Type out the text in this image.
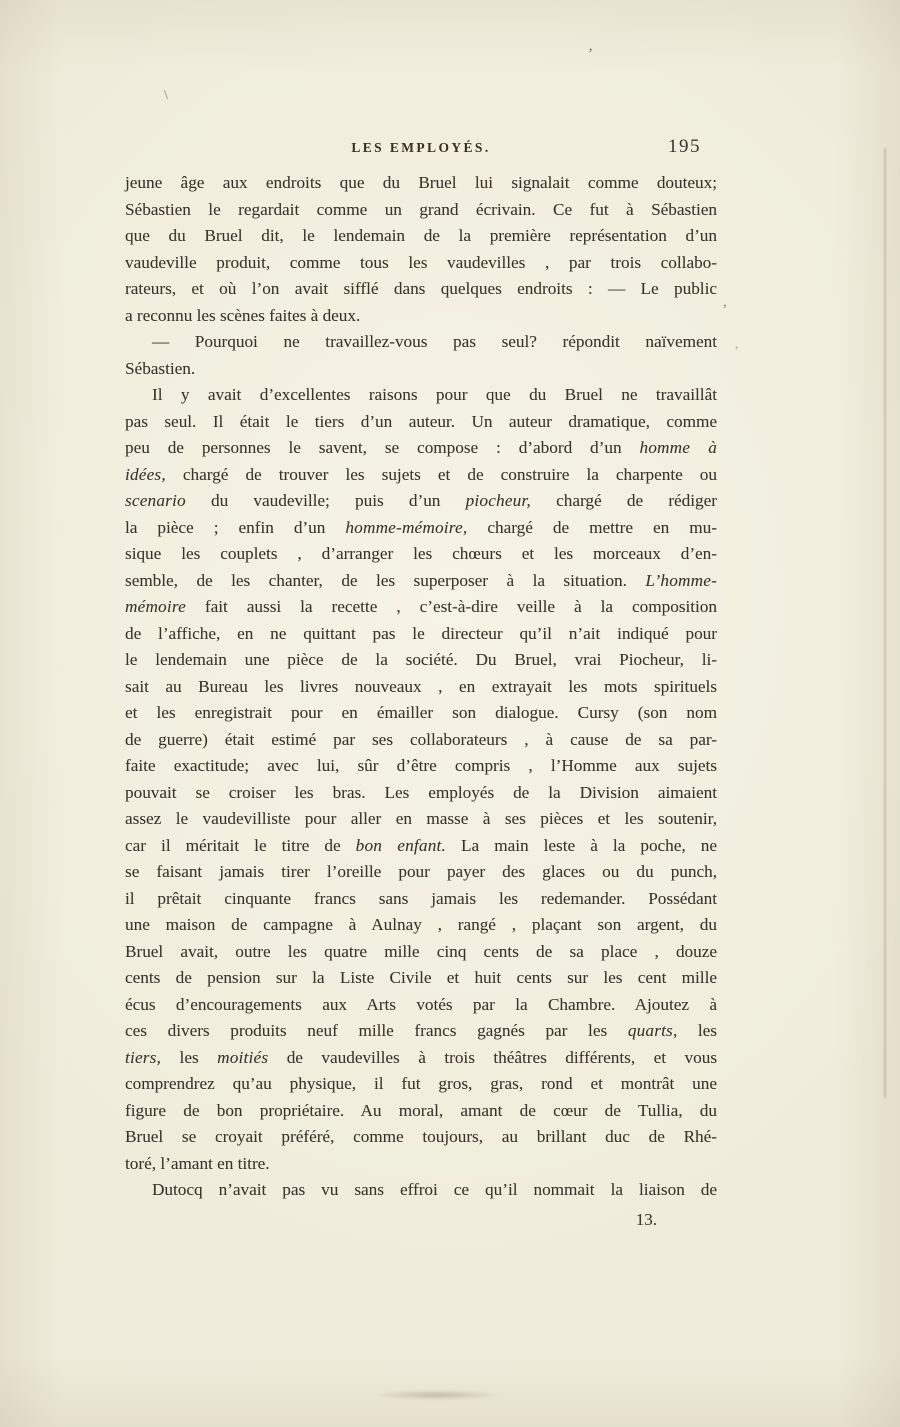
’
\
,
,
LES EMPLOYÉS.	195
jeune âge aux endroits que du Bruel lui signalait comme douteux;
Sébastien le regardait comme un grand écrivain. Ce fut à Sébastien
que du Bruel dit, le lendemain de la première représentation d’un
vaudeville produit, comme tous les vaudevilles , par trois collabo-
rateurs, et où l’on avait sifflé dans quelques endroits : — Le public
a reconnu les scènes faites à deux.
— Pourquoi ne travaillez-vous pas seul? répondit naïvement
Sébastien.
Il y avait d’excellentes raisons pour que du Bruel ne travaillât
pas seul. Il était le tiers d’un auteur. Un auteur dramatique, comme
peu de personnes le savent, se compose : d’abord d’un homme à
idées, chargé de trouver les sujets et de construire la charpente ou
scenario du vaudeville; puis d’un piocheur, chargé de rédiger
la pièce ; enfin d’un homme-mémoire, chargé de mettre en mu-
sique les couplets , d’arranger les chœurs et les morceaux d’en-
semble, de les chanter, de les superposer à la situation. L’homme-
mémoire fait aussi la recette , c’est-à-dire veille à la composition
de l’affiche, en ne quittant pas le directeur qu’il n’ait indiqué pour
le lendemain une pièce de la société. Du Bruel, vrai Piocheur, li-
sait au Bureau les livres nouveaux , en extrayait les mots spirituels
et les enregistrait pour en émailler son dialogue. Cursy (son nom
de guerre) était estimé par ses collaborateurs , à cause de sa par-
faite exactitude; avec lui, sûr d’être compris , l’Homme aux sujets
pouvait se croiser les bras. Les employés de la Division aimaient
assez le vaudevilliste pour aller en masse à ses pièces et les soutenir,
car il méritait le titre de bon enfant. La main leste à la poche, ne
se faisant jamais tirer l’oreille pour payer des glaces ou du punch,
il prêtait cinquante francs sans jamais les redemander. Possédant
une maison de campagne à Aulnay , rangé , plaçant son argent, du
Bruel avait, outre les quatre mille cinq cents de sa place , douze
cents de pension sur la Liste Civile et huit cents sur les cent mille
écus d’encouragements aux Arts votés par la Chambre. Ajoutez à
ces divers produits neuf mille francs gagnés par les quarts, les
tiers, les moitiés de vaudevilles à trois théâtres différents, et vous
comprendrez qu’au physique, il fut gros, gras, rond et montrât une
figure de bon propriétaire. Au moral, amant de cœur de Tullia, du
Bruel se croyait préféré, comme toujours, au brillant duc de Rhé-
toré, l’amant en titre.
Dutocq n’avait pas vu sans effroi ce qu’il nommait la liaison de
13.
